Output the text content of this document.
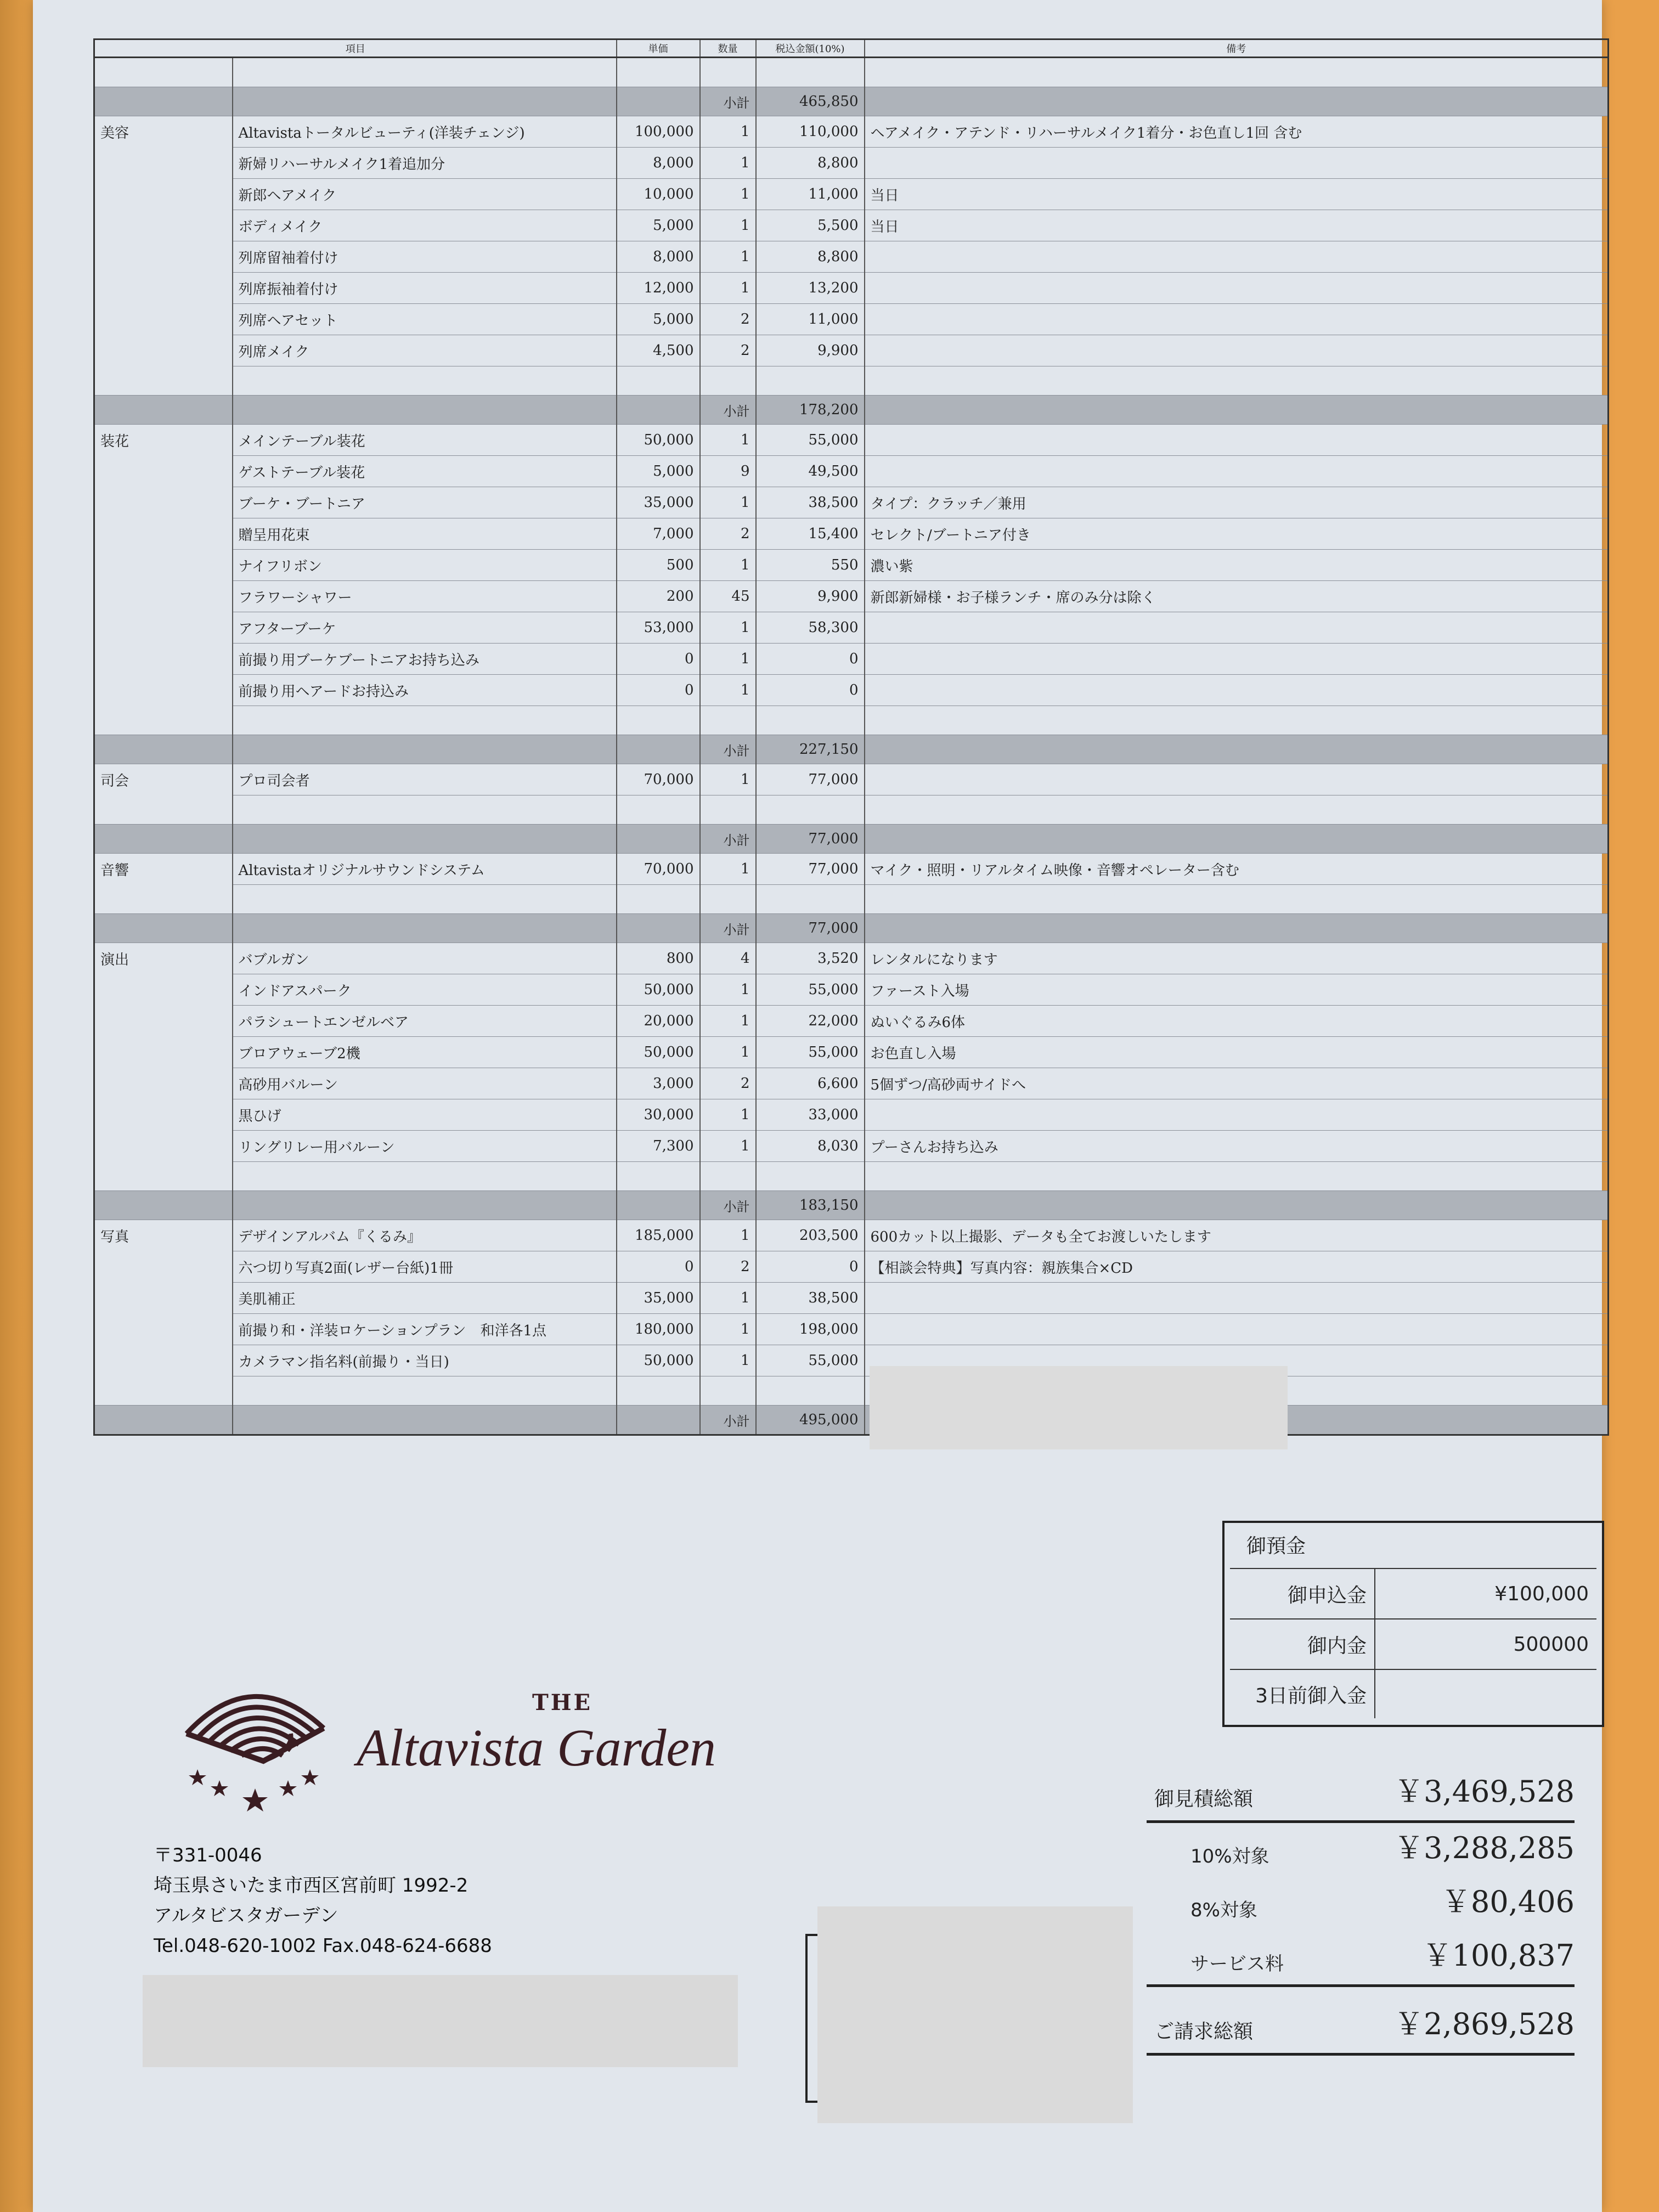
項目		単価	数量	税込金額(10%)	備考

			小計	465,850	
美容	Altavistaトータルビューティ(洋装チェンジ)	100,000	1	110,000	ヘアメイク・アテンド・リハーサルメイク1着分・お色直し1回 含む
	新婦リハーサルメイク1着追加分	8,000	1	8,800	
	新郎ヘアメイク	10,000	1	11,000	当日
	ボディメイク	5,000	1	5,500	当日
	列席留袖着付け	8,000	1	8,800	
	列席振袖着付け	12,000	1	13,200	
	列席ヘアセット	5,000	2	11,000	
	列席メイク	4,500	2	9,900	

			小計	178,200	
装花	メインテーブル装花	50,000	1	55,000	
	ゲストテーブル装花	5,000	9	49,500	
	ブーケ・ブートニア	35,000	1	38,500	タイプ：クラッチ／兼用
	贈呈用花束	7,000	2	15,400	セレクト/ブートニア付き
	ナイフリボン	500	1	550	濃い紫
	フラワーシャワー	200	45	9,900	新郎新婦様・お子様ランチ・席のみ分は除く
	アフターブーケ	53,000	1	58,300	
	前撮り用ブーケブートニアお持ち込み	0	1	0	
	前撮り用ヘアードお持込み	0	1	0	

			小計	227,150	
司会	プロ司会者	70,000	1	77,000	

			小計	77,000	
音響	Altavistaオリジナルサウンドシステム	70,000	1	77,000	マイク・照明・リアルタイム映像・音響オペレーター含む

			小計	77,000	
演出	バブルガン	800	4	3,520	レンタルになります
	インドアスパーク	50,000	1	55,000	ファースト入場
	パラシュートエンゼルベア	20,000	1	22,000	ぬいぐるみ6体
	ブロアウェーブ2機	50,000	1	55,000	お色直し入場
	高砂用バルーン	3,000	2	6,600	5個ずつ/高砂両サイドへ
	黒ひげ	30,000	1	33,000	
	リングリレー用バルーン	7,300	1	8,030	プーさんお持ち込み

			小計	183,150	
写真	デザインアルバム『くるみ』	185,000	1	203,500	600カット以上撮影、データも全てお渡しいたします
	六つ切り写真2面(レザー台紙)1冊	0	2	0	【相談会特典】写真内容：親族集合×CD
	美肌補正	35,000	1	38,500	
	前撮り和・洋装ロケーションプラン　和洋各1点	180,000	1	198,000	
	カメラマン指名料(前撮り・当日)	50,000	1	55,000	

			小計	495,000	
御預金
御申込金	¥100,000
御内金	500000
3日前御入金	
THE
Altavista Garden
〒331-0046
埼玉県さいたま市西区宮前町 1992-2
アルタビスタガーデン
Tel.048-620-1002 Fax.048-624-6688
御見積総額	￥3,469,528
10%対象	￥3,288,285
8%対象	￥80,406
サービス料	￥100,837
ご請求総額	￥2,869,528
